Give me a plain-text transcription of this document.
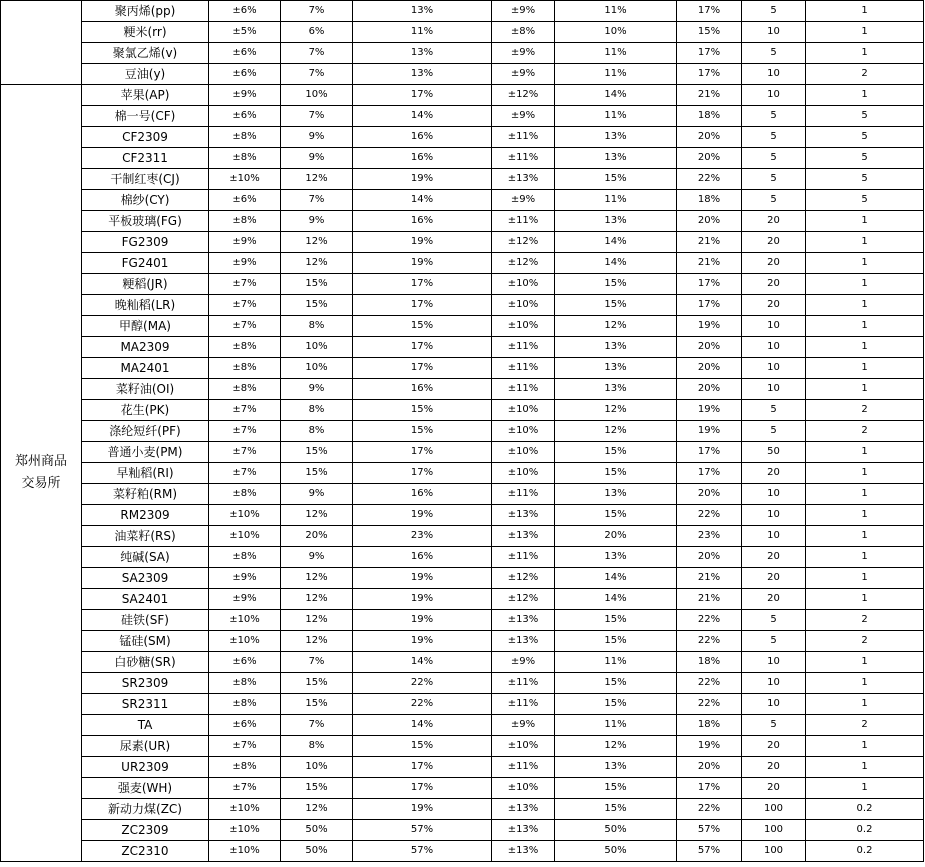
	聚丙烯(pp)	±6%	7%	13%	±9%	11%	17%	5	1
	粳米(rr)	±5%	6%	11%	±8%	10%	15%	10	1
	聚氯乙烯(v)	±6%	7%	13%	±9%	11%	17%	5	1
	豆油(y)	±6%	7%	13%	±9%	11%	17%	10	2
郑州商品交易所	苹果(AP)	±9%	10%	17%	±12%	14%	21%	10	1
	棉一号(CF)	±6%	7%	14%	±9%	11%	18%	5	5
	CF2309	±8%	9%	16%	±11%	13%	20%	5	5
	CF2311	±8%	9%	16%	±11%	13%	20%	5	5
	干制红枣(CJ)	±10%	12%	19%	±13%	15%	22%	5	5
	棉纱(CY)	±6%	7%	14%	±9%	11%	18%	5	5
	平板玻璃(FG)	±8%	9%	16%	±11%	13%	20%	20	1
	FG2309	±9%	12%	19%	±12%	14%	21%	20	1
	FG2401	±9%	12%	19%	±12%	14%	21%	20	1
	粳稻(JR)	±7%	15%	17%	±10%	15%	17%	20	1
	晚籼稻(LR)	±7%	15%	17%	±10%	15%	17%	20	1
	甲醇(MA)	±7%	8%	15%	±10%	12%	19%	10	1
	MA2309	±8%	10%	17%	±11%	13%	20%	10	1
	MA2401	±8%	10%	17%	±11%	13%	20%	10	1
	菜籽油(OI)	±8%	9%	16%	±11%	13%	20%	10	1
	花生(PK)	±7%	8%	15%	±10%	12%	19%	5	2
	涤纶短纤(PF)	±7%	8%	15%	±10%	12%	19%	5	2
	普通小麦(PM)	±7%	15%	17%	±10%	15%	17%	50	1
	早籼稻(RI)	±7%	15%	17%	±10%	15%	17%	20	1
	菜籽粕(RM)	±8%	9%	16%	±11%	13%	20%	10	1
	RM2309	±10%	12%	19%	±13%	15%	22%	10	1
	油菜籽(RS)	±10%	20%	23%	±13%	20%	23%	10	1
	纯碱(SA)	±8%	9%	16%	±11%	13%	20%	20	1
	SA2309	±9%	12%	19%	±12%	14%	21%	20	1
	SA2401	±9%	12%	19%	±12%	14%	21%	20	1
	硅铁(SF)	±10%	12%	19%	±13%	15%	22%	5	2
	锰硅(SM)	±10%	12%	19%	±13%	15%	22%	5	2
	白砂糖(SR)	±6%	7%	14%	±9%	11%	18%	10	1
	SR2309	±8%	15%	22%	±11%	15%	22%	10	1
	SR2311	±8%	15%	22%	±11%	15%	22%	10	1
	TA	±6%	7%	14%	±9%	11%	18%	5	2
	尿素(UR)	±7%	8%	15%	±10%	12%	19%	20	1
	UR2309	±8%	10%	17%	±11%	13%	20%	20	1
	强麦(WH)	±7%	15%	17%	±10%	15%	17%	20	1
	新动力煤(ZC)	±10%	12%	19%	±13%	15%	22%	100	0.2
	ZC2309	±10%	50%	57%	±13%	50%	57%	100	0.2
	ZC2310	±10%	50%	57%	±13%	50%	57%	100	0.2
